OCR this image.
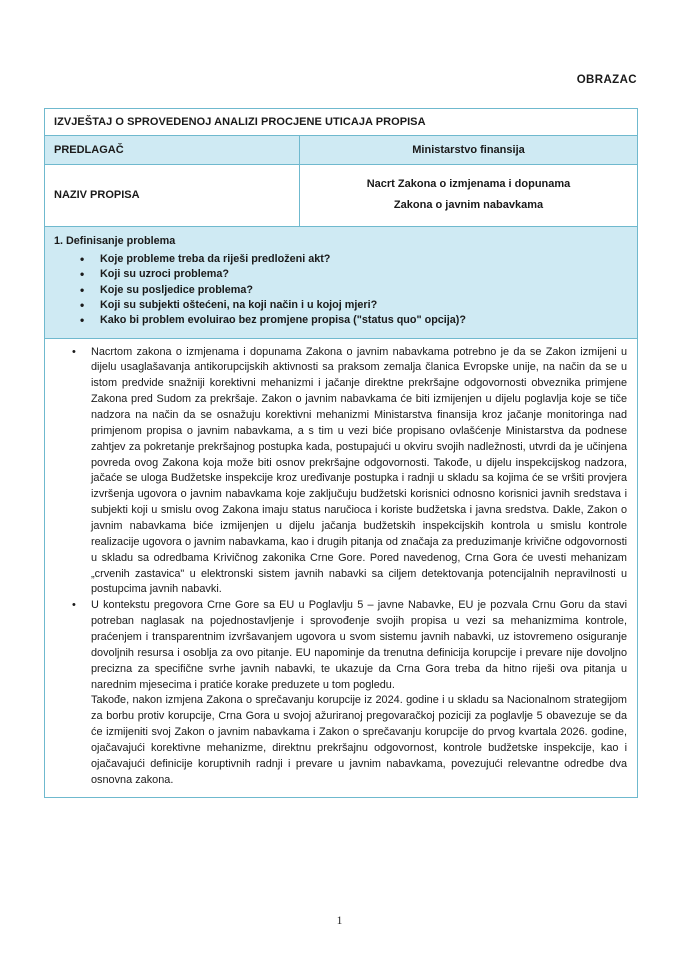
OBRAZAC
IZVJEŠTAJ O SPROVEDENOJ ANALIZI PROCJENE UTICAJA PROPISA	
PREDLAGAČ	Ministarstvo finansija
NAZIV PROPISA	Nacrt Zakona o izmjenama i dopunama
Zakona o javnim nabavkama

1. Definisanje problema
• Koje probleme treba da riješi predloženi akt?
• Koji su uzroci problema?
• Koje su posljedice problema?
• Koji su subjekti oštećeni, na koji način i u kojoj mjeri?
• Kako bi problem evoluirao bez promjene propisa ("status quo" opcija)?

• Nacrtom zakona o izmjenama i dopunama Zakona o javnim nabavkama potrebno je da se Zakon izmijeni u dijelu usaglašavanja antikorupcijskih aktivnosti sa praksom zemalja članica Evropske unije, na način da se u istom predvide snažniji korektivni mehanizmi i jačanje direktne prekršajne odgovornosti obveznika primjene Zakona pred Sudom za prekršaje. Zakon o javnim nabavkama će biti izmijenjen u dijelu poglavlja koje se tiče nadzora na način da se osnažuju korektivni mehanizmi Ministarstva finansija kroz jačanje monitoringa nad primjenom propisa o javnim nabavkama, a s tim u vezi biće propisano ovlašćenje Ministarstva da podnese zahtjev za pokretanje prekršajnog postupka kada, postupajući u okviru svojih nadležnosti, utvrdi da je učinjena povreda ovog Zakona koja može biti osnov prekršajne odgovornosti. Takođe, u dijelu inspekcijskog nadzora, jačaće se uloga Budžetske inspekcije kroz uređivanje postupka i radnji u skladu sa kojima će se vršiti provjera izvršenja ugovora o javnim nabavkama koje zaključuju budžetski korisnici odnosno korisnici javnih sredstava i subjekti koji u smislu ovog Zakona imaju status naručioca i koriste budžetska i javna sredstva. Dakle, Zakon o javnim nabavkama biće izmijenjen u dijelu jačanja budžetskih inspekcijskih kontrola u smislu kontrole realizacije ugovora o javnim nabavkama, kao i drugih pitanja od značaja za preduzimanje krivične odgovornosti u skladu sa odredbama Krivičnog zakonika Crne Gore. Pored navedenog, Crna Gora će uvesti mehanizam „crvenih zastavica" u elektronski sistem javnih nabavki sa ciljem detektovanja potencijalnih nepravilnosti u postupcima javnih nabavki.
• U kontekstu pregovora Crne Gore sa EU u Poglavlju 5 – javne Nabavke, EU je pozvala Crnu Goru da stavi potreban naglasak na pojednostavljenje i sprovođenje svojih propisa u vezi sa mehanizmima kontrole, praćenjem i transparentnim izvršavanjem ugovora u svom sistemu javnih nabavki, uz istovremeno osiguranje dovoljnih resursa i osoblja za ovo pitanje. EU napominje da trenutna definicija korupcije i prevare nije dovoljno precizna za specifične svrhe javnih nabavki, te ukazuje da Crna Gora treba da hitno riješi ova pitanja u narednim mjesecima i pratiće korake preduzete u tom pogledu.

Takođe, nakon izmjena Zakona o sprečavanju korupcije iz 2024. godine i u skladu sa Nacionalnom strategijom za borbu protiv korupcije, Crna Gora u svojoj ažuriranoj pregovaračkoj poziciji za poglavlje 5 obavezuje se da će izmijeniti svoj Zakon o javnim nabavkama i Zakon o sprečavanju korupcije do prvog kvartala 2026. godine, ojačavajući korektivne mehanizme, direktnu prekršajnu odgovornost, kontrole budžetske inspekcije, kao i ojačavajući definicije koruptivnih radnji i prevare u javnim nabavkama, povezujući relevantne odredbe dva osnovna zakona.

1
